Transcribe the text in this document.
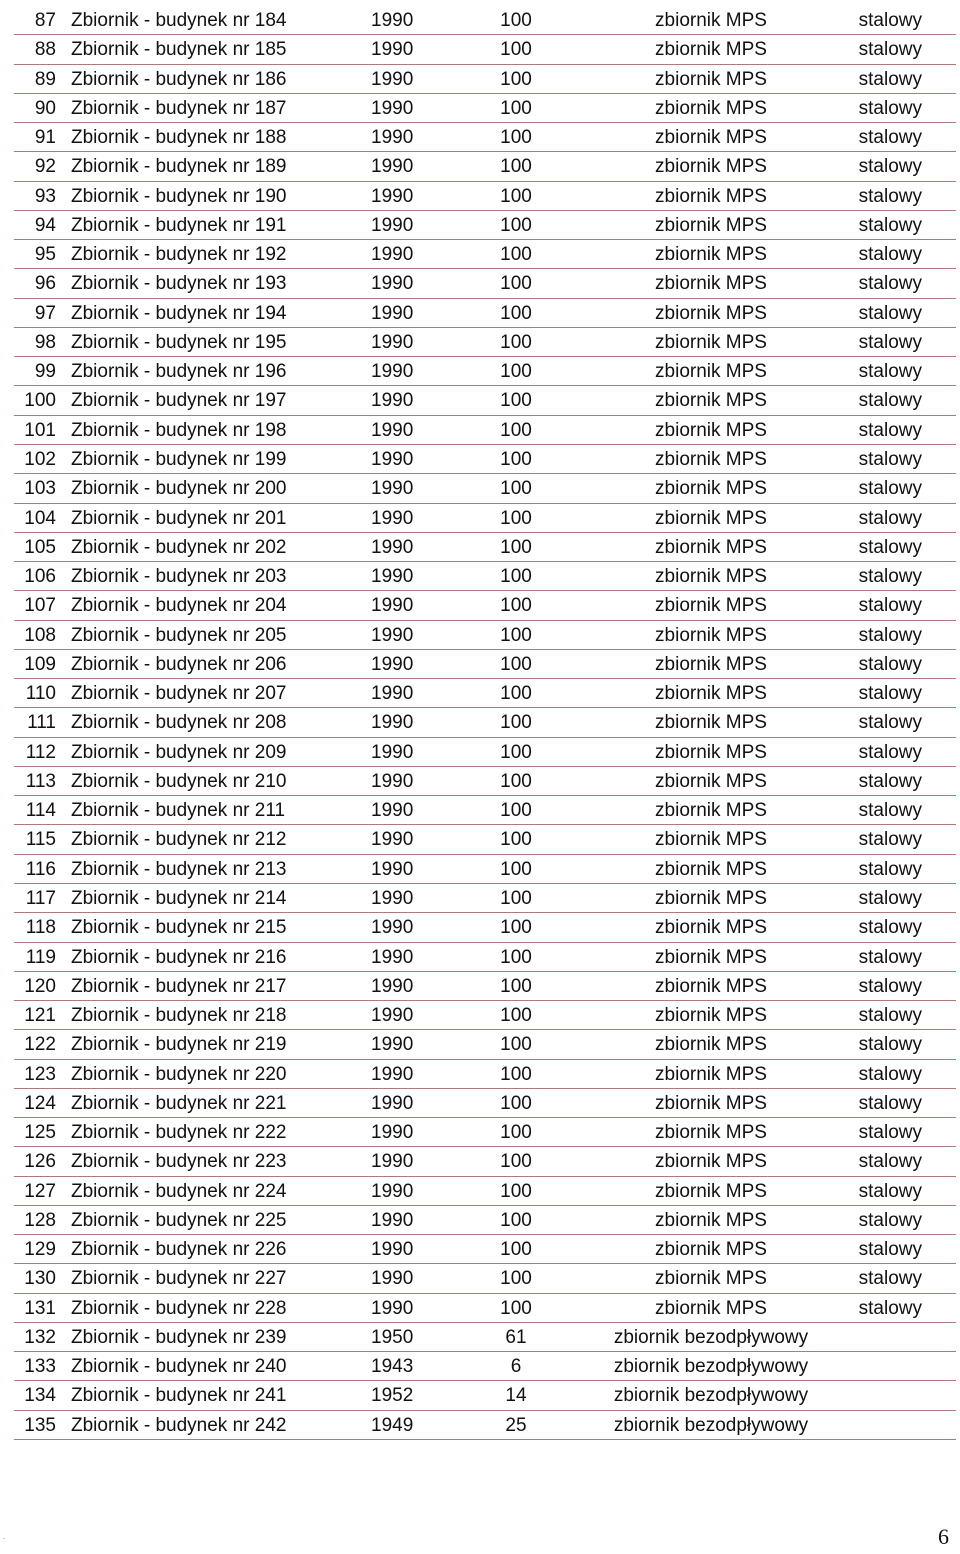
87 Zbiornik - budynek nr 184	1990	100	zbiornik MPS	stalowy
88 Zbiornik - budynek nr 185	1990	100	zbiornik MPS	stalowy
89 Zbiornik - budynek nr 186	1990	100	zbiornik MPS	stalowy
90 Zbiornik - budynek nr 187	1990	100	zbiornik MPS	stalowy
91 Zbiornik - budynek nr 188	1990	100	zbiornik MPS	stalowy
92 Zbiornik - budynek nr 189	1990	100	zbiornik MPS	stalowy
93 Zbiornik - budynek nr 190	1990	100	zbiornik MPS	stalowy
94 Zbiornik - budynek nr 191	1990	100	zbiornik MPS	stalowy
95 Zbiornik - budynek nr 192	1990	100	zbiornik MPS	stalowy
96 Zbiornik - budynek nr 193	1990	100	zbiornik MPS	stalowy
97 Zbiornik - budynek nr 194	1990	100	zbiornik MPS	stalowy
98 Zbiornik - budynek nr 195	1990	100	zbiornik MPS	stalowy
99 Zbiornik - budynek nr 196	1990	100	zbiornik MPS	stalowy
100 Zbiornik - budynek nr 197	1990	100	zbiornik MPS	stalowy
101 Zbiornik - budynek nr 198	1990	100	zbiornik MPS	stalowy
102 Zbiornik - budynek nr 199	1990	100	zbiornik MPS	stalowy
103 Zbiornik - budynek nr 200	1990	100	zbiornik MPS	stalowy
104 Zbiornik - budynek nr 201	1990	100	zbiornik MPS	stalowy
105 Zbiornik - budynek nr 202	1990	100	zbiornik MPS	stalowy
106 Zbiornik - budynek nr 203	1990	100	zbiornik MPS	stalowy
107 Zbiornik - budynek nr 204	1990	100	zbiornik MPS	stalowy
108 Zbiornik - budynek nr 205	1990	100	zbiornik MPS	stalowy
109 Zbiornik - budynek nr 206	1990	100	zbiornik MPS	stalowy
110 Zbiornik - budynek nr 207	1990	100	zbiornik MPS	stalowy
111 Zbiornik - budynek nr 208	1990	100	zbiornik MPS	stalowy
112 Zbiornik - budynek nr 209	1990	100	zbiornik MPS	stalowy
113 Zbiornik - budynek nr 210	1990	100	zbiornik MPS	stalowy
114 Zbiornik - budynek nr 211	1990	100	zbiornik MPS	stalowy
115 Zbiornik - budynek nr 212	1990	100	zbiornik MPS	stalowy
116 Zbiornik - budynek nr 213	1990	100	zbiornik MPS	stalowy
117 Zbiornik - budynek nr 214	1990	100	zbiornik MPS	stalowy
118 Zbiornik - budynek nr 215	1990	100	zbiornik MPS	stalowy
119 Zbiornik - budynek nr 216	1990	100	zbiornik MPS	stalowy
120 Zbiornik - budynek nr 217	1990	100	zbiornik MPS	stalowy
121 Zbiornik - budynek nr 218	1990	100	zbiornik MPS	stalowy
122 Zbiornik - budynek nr 219	1990	100	zbiornik MPS	stalowy
123 Zbiornik - budynek nr 220	1990	100	zbiornik MPS	stalowy
124 Zbiornik - budynek nr 221	1990	100	zbiornik MPS	stalowy
125 Zbiornik - budynek nr 222	1990	100	zbiornik MPS	stalowy
126 Zbiornik - budynek nr 223	1990	100	zbiornik MPS	stalowy
127 Zbiornik - budynek nr 224	1990	100	zbiornik MPS	stalowy
128 Zbiornik - budynek nr 225	1990	100	zbiornik MPS	stalowy
129 Zbiornik - budynek nr 226	1990	100	zbiornik MPS	stalowy
130 Zbiornik - budynek nr 227	1990	100	zbiornik MPS	stalowy
131 Zbiornik - budynek nr 228	1990	100	zbiornik MPS	stalowy
132 Zbiornik - budynek nr 239	1950	61	zbiornik bezodpływowy
133 Zbiornik - budynek nr 240	1943	6	zbiornik bezodpływowy
134 Zbiornik - budynek nr 241	1952	14	zbiornik bezodpływowy
135 Zbiornik - budynek nr 242	1949	25	zbiornik bezodpływowy
.	6
